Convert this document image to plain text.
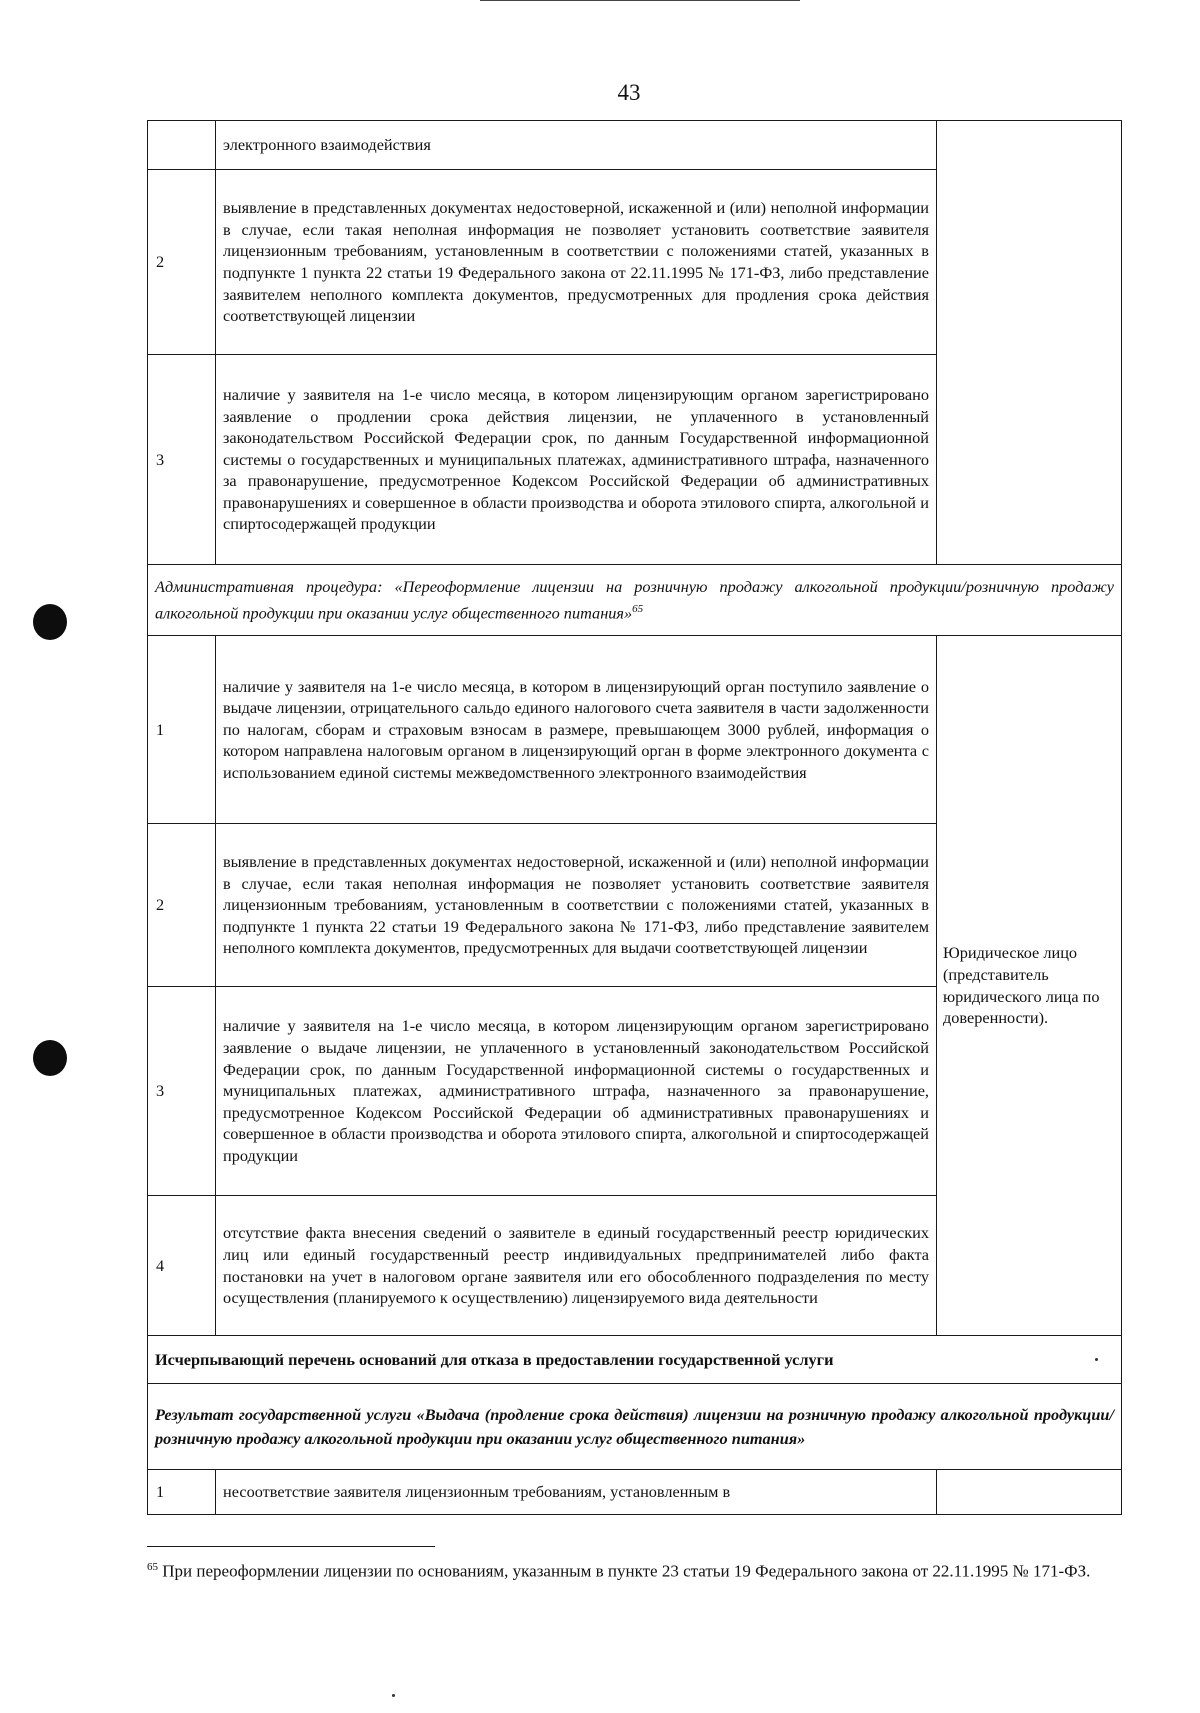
43
	электронного взаимодействия	
2	выявление в представленных документах недостоверной, искаженной и (или) неполной информации в случае, если такая неполная информация не позволяет установить соответствие заявителя лицензионным требованиям, установленным в соответствии с положениями статей, указанных в подпункте 1 пункта 22 статьи 19 Федерального закона от 22.11.1995 № 171-ФЗ, либо представление заявителем неполного комплекта документов, предусмотренных для продления срока действия соответствующей лицензии	
3	наличие у заявителя на 1-е число месяца, в котором лицензирующим органом зарегистрировано заявление о продлении срока действия лицензии, не уплаченного в установленный законодательством Российской Федерации срок, по данным Государственной информационной системы о государственных и муниципальных платежах, административного штрафа, назначенного за правонарушение, предусмотренное Кодексом Российской Федерации об административных правонарушениях и совершенное в области производства и оборота этилового спирта, алкогольной и спиртосодержащей продукции	
Административная процедура: «Переоформление лицензии на розничную продажу алкогольной продукции/розничную продажу алкогольной продукции при оказании услуг общественного питания»$^{65}$
1	наличие у заявителя на 1-е число месяца, в котором в лицензирующий орган поступило заявление о выдаче лицензии, отрицательного сальдо единого налогового счета заявителя в части задолженности по налогам, сборам и страховым взносам в размере, превышающем 3000 рублей, информация о котором направлена налоговым органом в лицензирующий орган в форме электронного документа с использованием единой системы межведомственного электронного взаимодействия	Юридическое лицо (представитель юридического лица по доверенности).
2	выявление в представленных документах недостоверной, искаженной и (или) неполной информации в случае, если такая неполная информация не позволяет установить соответствие заявителя лицензионным требованиям, установленным в соответствии с положениями статей, указанных в подпункте 1 пункта 22 статьи 19 Федерального закона № 171-ФЗ, либо представление заявителем неполного комплекта документов, предусмотренных для выдачи соответствующей лицензии	
3	наличие у заявителя на 1-е число месяца, в котором лицензирующим органом зарегистрировано заявление о выдаче лицензии, не уплаченного в установленный законодательством Российской Федерации срок, по данным Государственной информационной системы о государственных и муниципальных платежах, административного штрафа, назначенного за правонарушение, предусмотренное Кодексом Российской Федерации об административных правонарушениях и совершенное в области производства и оборота этилового спирта, алкогольной и спиртосодержащей продукции	
4	отсутствие факта внесения сведений о заявителе в единый государственный реестр юридических лиц или единый государственный реестр индивидуальных предпринимателей либо факта постановки на учет в налоговом органе заявителя или его обособленного подразделения по месту осуществления (планируемого к осуществлению) лицензируемого вида деятельности	
Исчерпывающий перечень оснований для отказа в предоставлении государственной услуги		
Результат государственной услуги «Выдача (продление срока действия) лицензии на розничную продажу алкогольной продукции/розничную продажу алкогольной продукции при оказании услуг общественного питания»		
1	несоответствие заявителя лицензионным требованиям, установленным в	
$^{65}$ При переоформлении лицензии по основаниям, указанным в пункте 23 статьи 19 Федерального закона от 22.11.1995 № 171-ФЗ.
